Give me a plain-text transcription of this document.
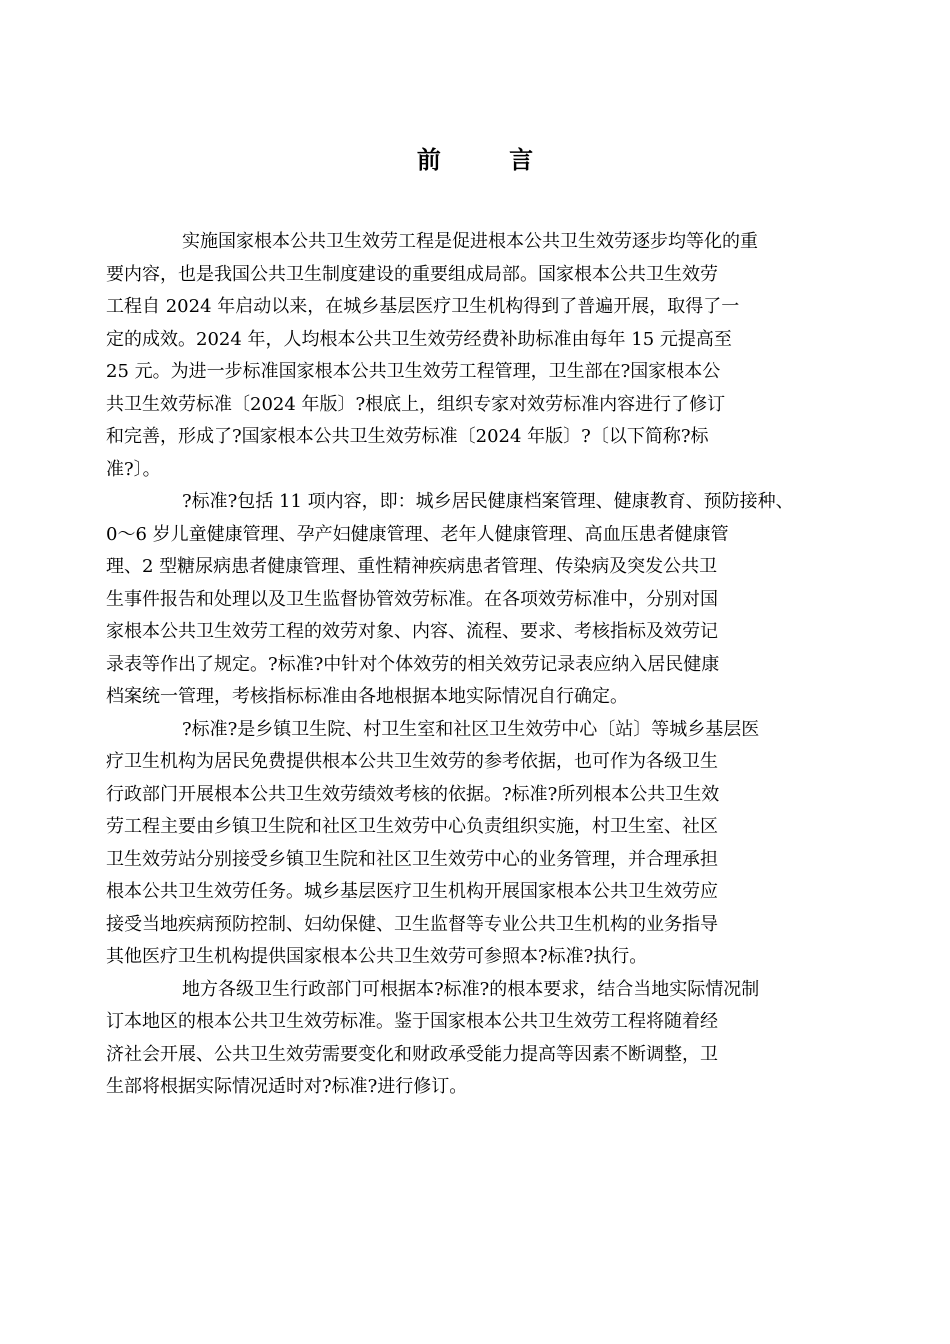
前 言

实施国家根本公共卫生效劳工程是促进根本公共卫生效劳逐步均等化的重
要内容，也是我国公共卫生制度建设的重要组成局部。国家根本公共卫生效劳
工程自 2024 年启动以来，在城乡基层医疗卫生机构得到了普遍开展，取得了一
定的成效。2024 年，人均根本公共卫生效劳经费补助标准由每年 15 元提高至
25 元。为进一步标准国家根本公共卫生效劳工程管理，卫生部在?国家根本公
共卫生效劳标准〔2024 年版〕?根底上，组织专家对效劳标准内容进行了修订
和完善，形成了?国家根本公共卫生效劳标准〔2024 年版〕?〔以下简称?标
准?〕。

?标准?包括 11 项内容，即：城乡居民健康档案管理、健康教育、预防接种、
0～6 岁儿童健康管理、孕产妇健康管理、老年人健康管理、高血压患者健康管
理、2 型糖尿病患者健康管理、重性精神疾病患者管理、传染病及突发公共卫
生事件报告和处理以及卫生监督协管效劳标准。在各项效劳标准中，分别对国
家根本公共卫生效劳工程的效劳对象、内容、流程、要求、考核指标及效劳记
录表等作出了规定。?标准?中针对个体效劳的相关效劳记录表应纳入居民健康
档案统一管理，考核指标标准由各地根据本地实际情况自行确定。

?标准?是乡镇卫生院、村卫生室和社区卫生效劳中心〔站〕等城乡基层医
疗卫生机构为居民免费提供根本公共卫生效劳的参考依据，也可作为各级卫生
行政部门开展根本公共卫生效劳绩效考核的依据。?标准?所列根本公共卫生效
劳工程主要由乡镇卫生院和社区卫生效劳中心负责组织实施，村卫生室、社区
卫生效劳站分别接受乡镇卫生院和社区卫生效劳中心的业务管理，并合理承担
根本公共卫生效劳任务。城乡基层医疗卫生机构开展国家根本公共卫生效劳应
接受当地疾病预防控制、妇幼保健、卫生监督等专业公共卫生机构的业务指导
其他医疗卫生机构提供国家根本公共卫生效劳可参照本?标准?执行。

地方各级卫生行政部门可根据本?标准?的根本要求，结合当地实际情况制
订本地区的根本公共卫生效劳标准。鉴于国家根本公共卫生效劳工程将随着经
济社会开展、公共卫生效劳需要变化和财政承受能力提高等因素不断调整，卫
生部将根据实际情况适时对?标准?进行修订。
